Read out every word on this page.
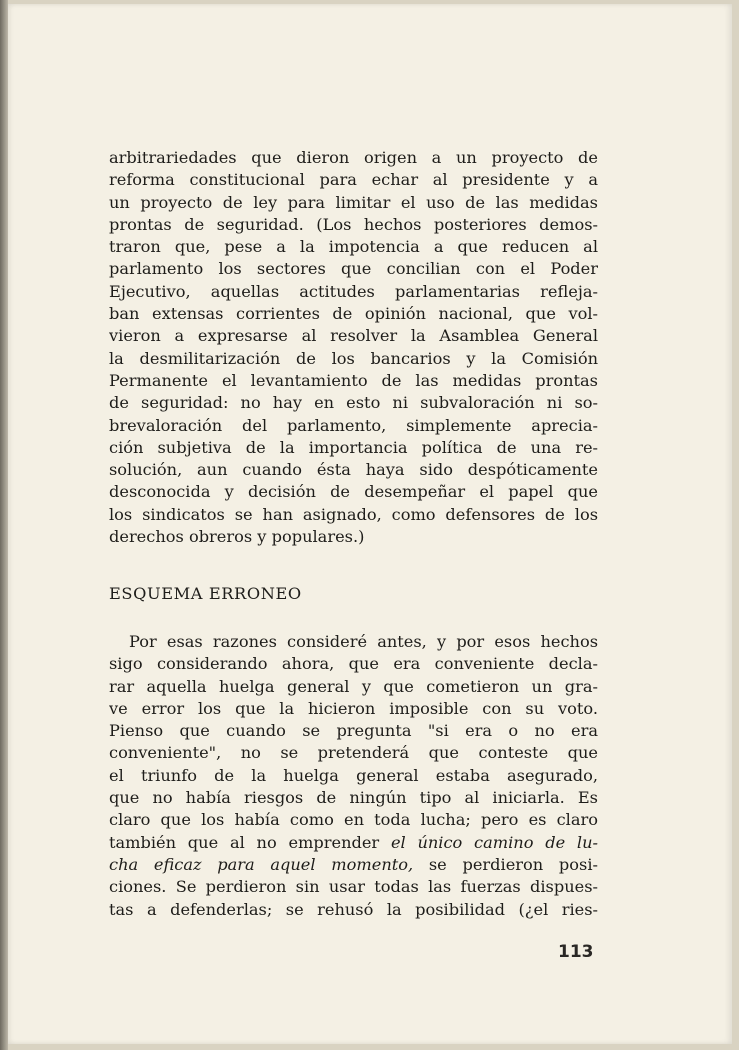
arbitrariedades que dieron origen a un proyecto de
reforma constitucional para echar al presidente y a
un proyecto de ley para limitar el uso de las medidas
prontas de seguridad. (Los hechos posteriores demos-
traron que, pese a la impotencia a que reducen al
parlamento los sectores que concilian con el Poder
Ejecutivo, aquellas actitudes parlamentarias refleja-
ban extensas corrientes de opinión nacional, que vol-
vieron a expresarse al resolver la Asamblea General
la desmilitarización de los bancarios y la Comisión
Permanente el levantamiento de las medidas prontas
de seguridad: no hay en esto ni subvaloración ni so-
brevaloración del parlamento, simplemente aprecia-
ción subjetiva de la importancia política de una re-
solución, aun cuando ésta haya sido despóticamente
desconocida y decisión de desempeñar el papel que
los sindicatos se han asignado, como defensores de los
derechos obreros y populares.)
ESQUEMA ERRONEO
Por esas razones consideré antes, y por esos hechos
sigo considerando ahora, que era conveniente decla-
rar aquella huelga general y que cometieron un gra-
ve error los que la hicieron imposible con su voto.
Pienso que cuando se pregunta "si era o no era
conveniente", no se pretenderá que conteste que
el triunfo de la huelga general estaba asegurado,
que no había riesgos de ningún tipo al iniciarla. Es
claro que los había como en toda lucha; pero es claro
también que al no emprender el único camino de lu-
cha eficaz para aquel momento, se perdieron posi-
ciones. Se perdieron sin usar todas las fuerzas dispues-
tas a defenderlas; se rehusó la posibilidad (¿el ries-
113
